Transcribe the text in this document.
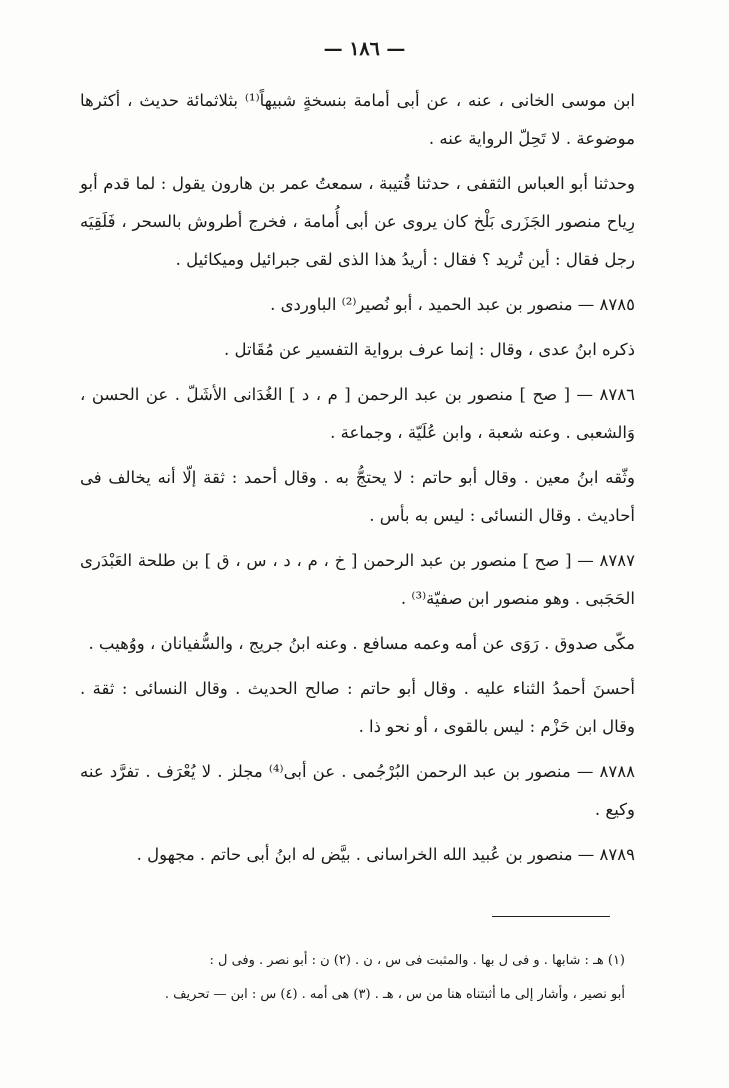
— ١٨٦ —

ابن موسى الخانى ، عنه ، عن أبى أمامة بنسخةٍ شبيهاً⁽¹⁾ بثلاثمائة حديث ، أكثرها موضوعة . لا تَحِلّ الرواية عنه .

وحدثنا أبو العباس الثقفى ، حدثنا قُتيبة ، سمعتُ عمر بن هارون يقول : لما قدم أبو رِياح منصور الجَزَرى بَلْخ كان يروى عن أبى أُمامة ، فخرج أطروش بالسحر ، فَلَقِيَه رجل فقال : أين تُريد ؟ فقال : أريدُ هذا الذى لقى جبرائيل وميكائيل .

٨٧٨٥ — منصور بن عبد الحميد ، أبو نُصير⁽²⁾ الباوردى .

ذكره ابنُ عدى ، وقال : إنما عرف برواية التفسير عن مُقَاتل .

٨٧٨٦ — [ صح ] منصور بن عبد الرحمن [ م ، د ] الغُدَانى الأشَلّ . عن الحسن ، وَالشعبى . وعنه شعبة ، وابن عُلَيّة ، وجماعة .

وثّقه ابنُ معين . وقال أبو حاتم : لا يحتجُّ به . وقال أحمد : ثقة إلّا أنه يخالف فى أحاديث . وقال النسائى : ليس به بأس .

٨٧٨٧ — [ صح ] منصور بن عبد الرحمن [ خ ، م ، د ، س ، ق ] بن طلحة العَبْدَرى الحَجَبى . وهو منصور ابن صفيّة⁽³⁾ .

مكّى صدوق . رَوَى عن أمه وعمه مسافع . وعنه ابنُ جريج ، والسُّفيانان ، ووُهيب .

أحسنَ أحمدُ الثناء عليه . وقال أبو حاتم : صالح الحديث . وقال النسائى : ثقة . وقال ابن حَزْم : ليس بالقوى ، أو نحو ذا .

٨٧٨٨ — منصور بن عبد الرحمن البُرْجُمى . عن أبى⁽⁴⁾ مجلز . لا يُعْرَف . تفرَّد عنه وكيع .

٨٧٨٩ — منصور بن عُبيد الله الخراسانى . بيَّض له ابنُ أبى حاتم . مجهول .

(١) هـ : شابها . و فى ل بها . والمثبت فى س ، ن . (٢) ن : أبو نصر . وفى ل :

أبو نصير ، وأشار إلى ما أثبتناه هنا من س ، هـ . (٣) هى أمه . (٤) س : ابن — تحريف .
